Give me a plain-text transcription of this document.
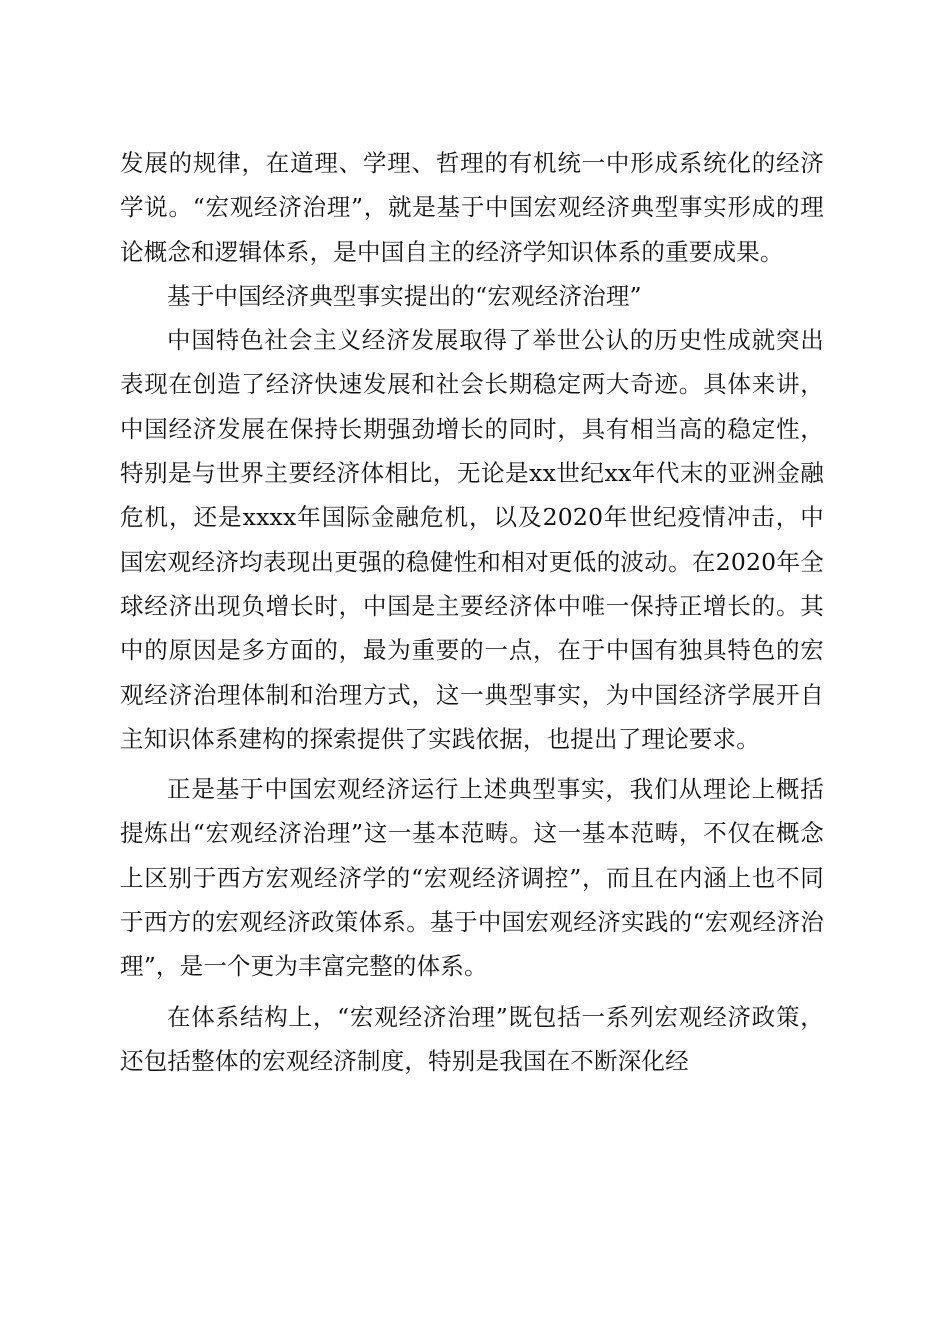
发展的规律，在道理、学理、哲理的有机统一中形成系统化的经济学说。“宏观经济治理”，就是基于中国宏观经济典型事实形成的理论概念和逻辑体系，是中国自主的经济学知识体系的重要成果。

基于中国经济典型事实提出的“宏观经济治理”

中国特色社会主义经济发展取得了举世公认的历史性成就突出表现在创造了经济快速发展和社会长期稳定两大奇迹。具体来讲，中国经济发展在保持长期强劲增长的同时，具有相当高的稳定性，特别是与世界主要经济体相比，无论是xx世纪xx年代末的亚洲金融危机，还是xxxx年国际金融危机，以及2020年世纪疫情冲击，中国宏观经济均表现出更强的稳健性和相对更低的波动。在2020年全球经济出现负增长时，中国是主要经济体中唯一保持正增长的。其中的原因是多方面的，最为重要的一点，在于中国有独具特色的宏观经济治理体制和治理方式，这一典型事实，为中国经济学展开自主知识体系建构的探索提供了实践依据，也提出了理论要求。

正是基于中国宏观经济运行上述典型事实，我们从理论上概括提炼出“宏观经济治理”这一基本范畴。这一基本范畴，不仅在概念上区别于西方宏观经济学的“宏观经济调控”，而且在内涵上也不同于西方的宏观经济政策体系。基于中国宏观经济实践的“宏观经济治理”，是一个更为丰富完整的体系。

在体系结构上，“宏观经济治理”既包括一系列宏观经济政策，还包括整体的宏观经济制度，特别是我国在不断深化经
